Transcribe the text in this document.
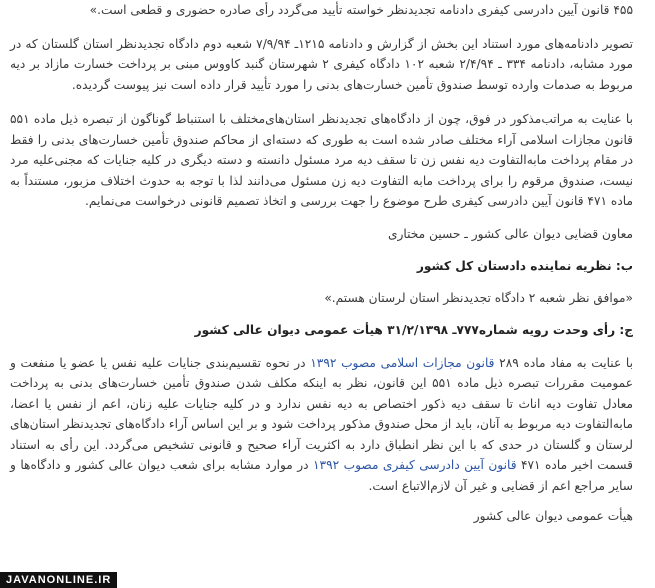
۴۵۵ قانون آیین دادرسی کیفری دادنامه تجدیدنظر خواسته تأیید می‌گردد رأی صادره حضوری و قطعی است.»

تصویر دادنامه‌های مورد استناد این بخش از گزارش و دادنامه ۱۲۱۵ـ ۷/۹/۹۴ شعبه دوم دادگاه تجدیدنظر استان گلستان که در مورد مشابه، دادنامه ۳۳۴ ـ ۲/۴/۹۴ شعبه ۱۰۲ دادگاه کیفری ۲ شهرستان گنبد کاووس مبنی بر پرداخت خسارت مازاد بر دیه مربوط به صدمات وارده توسط صندوق تأمین خسارت‌های بدنی را مورد تأیید قرار داده است نیز پیوست گردیده.

با عنایت به مراتب‌مذکور در فوق، چون از دادگاه‌های تجدیدنظر استان‌های‌مختلف با استنباط گوناگون از تبصره ذیل ماده ۵۵۱ قانون مجازات اسلامی آراء مختلف صادر شده است به طوری که دسته‌ای از محاکم صندوق تأمین خسارت‌های بدنی را فقط در مقام پرداخت مابه‌التفاوت دیه نفس زن تا سقف دیه مرد مسئول دانسته و دسته دیگری در کلیه جنایات که مجنی‌علیه مرد نیست، صندوق مرقوم را برای پرداخت مابه التفاوت دیه زن مسئول می‌دانند لذا با توجه به حدوث اختلاف مزبور، مستنداً به ماده ۴۷۱ قانون آیین دادرسی کیفری طرح موضوع را جهت بررسی و اتخاذ تصمیم قانونی درخواست می‌نمایم.

معاون قضایی دیوان عالی کشور ـ حسین مختاری

ب: نظریه نماینده دادستان کل کشور

«موافق نظر شعبه ۲ دادگاه تجدیدنظر استان لرستان هستم.»

ج: رأی وحدت رویه شماره۷۷۷ـ ۳۱/۲/۱۳۹۸ هیأت عمومی دیوان عالی کشور

با عنایت به مفاد ماده ۲۸۹ قانون مجازات اسلامی مصوب ۱۳۹۲ در نحوه تقسیم‌بندی جنایات علیه نفس یا عضو یا منفعت و عمومیت مقررات تبصره ذیل ماده ۵۵۱ این قانون، نظر به اینکه مکلف شدن صندوق تأمین خسارت‌های بدنی به پرداخت معادل تفاوت دیه اناث تا سقف دیه ذکور اختصاص به دیه نفس ندارد و در کلیه جنایات علیه زنان، اعم از نفس یا اعضا، مابه‌التفاوت دیه مربوط به آنان، باید از محل صندوق مذکور پرداخت شود و بر این اساس آراء دادگاه‌های تجدیدنظر استان‌های لرستان و گلستان در حدی که با این نظر انطباق دارد به اکثریت آراء صحیح و قانونی تشخیص می‌گردد. این رأی به استناد قسمت اخیر ماده ۴۷۱ قانون آیین دادرسی کیفری مصوب ۱۳۹۲ در موارد مشابه برای شعب دیوان عالی کشور و دادگاه‌ها و سایر مراجع اعم از قضایی و غیر آن لازم‌الاتباع است.

هیأت عمومی دیوان عالی کشور

JAVANONLINE.IR
